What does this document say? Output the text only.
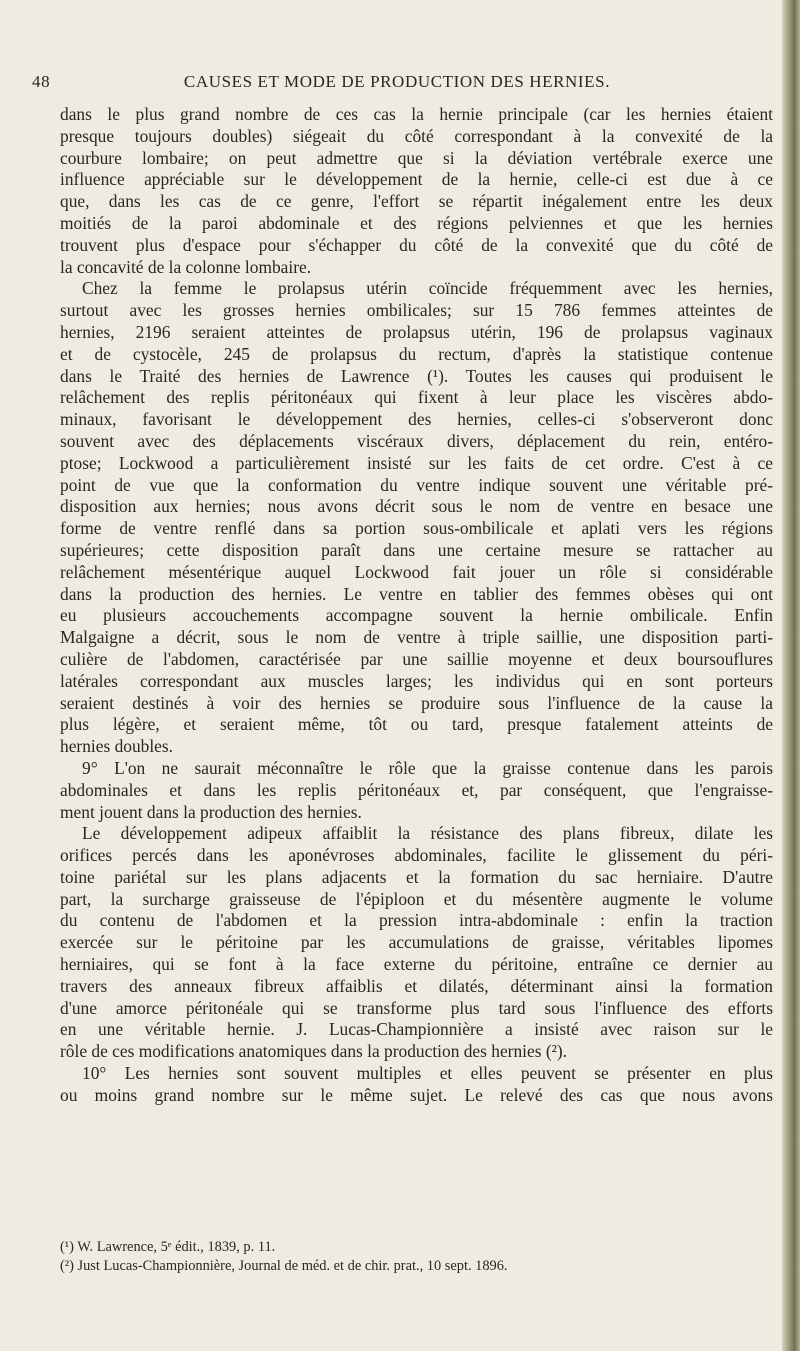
48	CAUSES ET MODE DE PRODUCTION DES HERNIES.
dans le plus grand nombre de ces cas la hernie principale (car les hernies étaient
presque toujours doubles) siégeait du côté correspondant à la convexité de la
courbure lombaire; on peut admettre que si la déviation vertébrale exerce une
influence appréciable sur le développement de la hernie, celle-ci est due à ce
que, dans les cas de ce genre, l'effort se répartit inégalement entre les deux
moitiés de la paroi abdominale et des régions pelviennes et que les hernies
trouvent plus d'espace pour s'échapper du côté de la convexité que du côté de
la concavité de la colonne lombaire.
Chez la femme le prolapsus utérin coïncide fréquemment avec les hernies,
surtout avec les grosses hernies ombilicales; sur 15 786 femmes atteintes de
hernies, 2196 seraient atteintes de prolapsus utérin, 196 de prolapsus vaginaux
et de cystocèle, 245 de prolapsus du rectum, d'après la statistique contenue
dans le Traité des hernies de Lawrence (¹). Toutes les causes qui produisent le
relâchement des replis péritonéaux qui fixent à leur place les viscères abdo-
minaux, favorisant le développement des hernies, celles-ci s'observeront donc
souvent avec des déplacements viscéraux divers, déplacement du rein, entéro-
ptose; Lockwood a particulièrement insisté sur les faits de cet ordre. C'est à ce
point de vue que la conformation du ventre indique souvent une véritable pré-
disposition aux hernies; nous avons décrit sous le nom de ventre en besace une
forme de ventre renflé dans sa portion sous-ombilicale et aplati vers les régions
supérieures; cette disposition paraît dans une certaine mesure se rattacher au
relâchement mésentérique auquel Lockwood fait jouer un rôle si considérable
dans la production des hernies. Le ventre en tablier des femmes obèses qui ont
eu plusieurs accouchements accompagne souvent la hernie ombilicale. Enfin
Malgaigne a décrit, sous le nom de ventre à triple saillie, une disposition parti-
culière de l'abdomen, caractérisée par une saillie moyenne et deux boursouflures
latérales correspondant aux muscles larges; les individus qui en sont porteurs
seraient destinés à voir des hernies se produire sous l'influence de la cause la
plus légère, et seraient même, tôt ou tard, presque fatalement atteints de
hernies doubles.
9° L'on ne saurait méconnaître le rôle que la graisse contenue dans les parois
abdominales et dans les replis péritonéaux et, par conséquent, que l'engraisse-
ment jouent dans la production des hernies.
Le développement adipeux affaiblit la résistance des plans fibreux, dilate les
orifices percés dans les aponévroses abdominales, facilite le glissement du péri-
toine pariétal sur les plans adjacents et la formation du sac herniaire. D'autre
part, la surcharge graisseuse de l'épiploon et du mésentère augmente le volume
du contenu de l'abdomen et la pression intra-abdominale : enfin la traction
exercée sur le péritoine par les accumulations de graisse, véritables lipomes
herniaires, qui se font à la face externe du péritoine, entraîne ce dernier au
travers des anneaux fibreux affaiblis et dilatés, déterminant ainsi la formation
d'une amorce péritonéale qui se transforme plus tard sous l'influence des efforts
en une véritable hernie. J. Lucas-Championnière a insisté avec raison sur le
rôle de ces modifications anatomiques dans la production des hernies (²).
10° Les hernies sont souvent multiples et elles peuvent se présenter en plus
ou moins grand nombre sur le même sujet. Le relevé des cas que nous avons
(¹) W. Lawrence, 5ᵉ édit., 1839, p. 11.
(²) Just Lucas-Championnière, Journal de méd. et de chir. prat., 10 sept. 1896.
